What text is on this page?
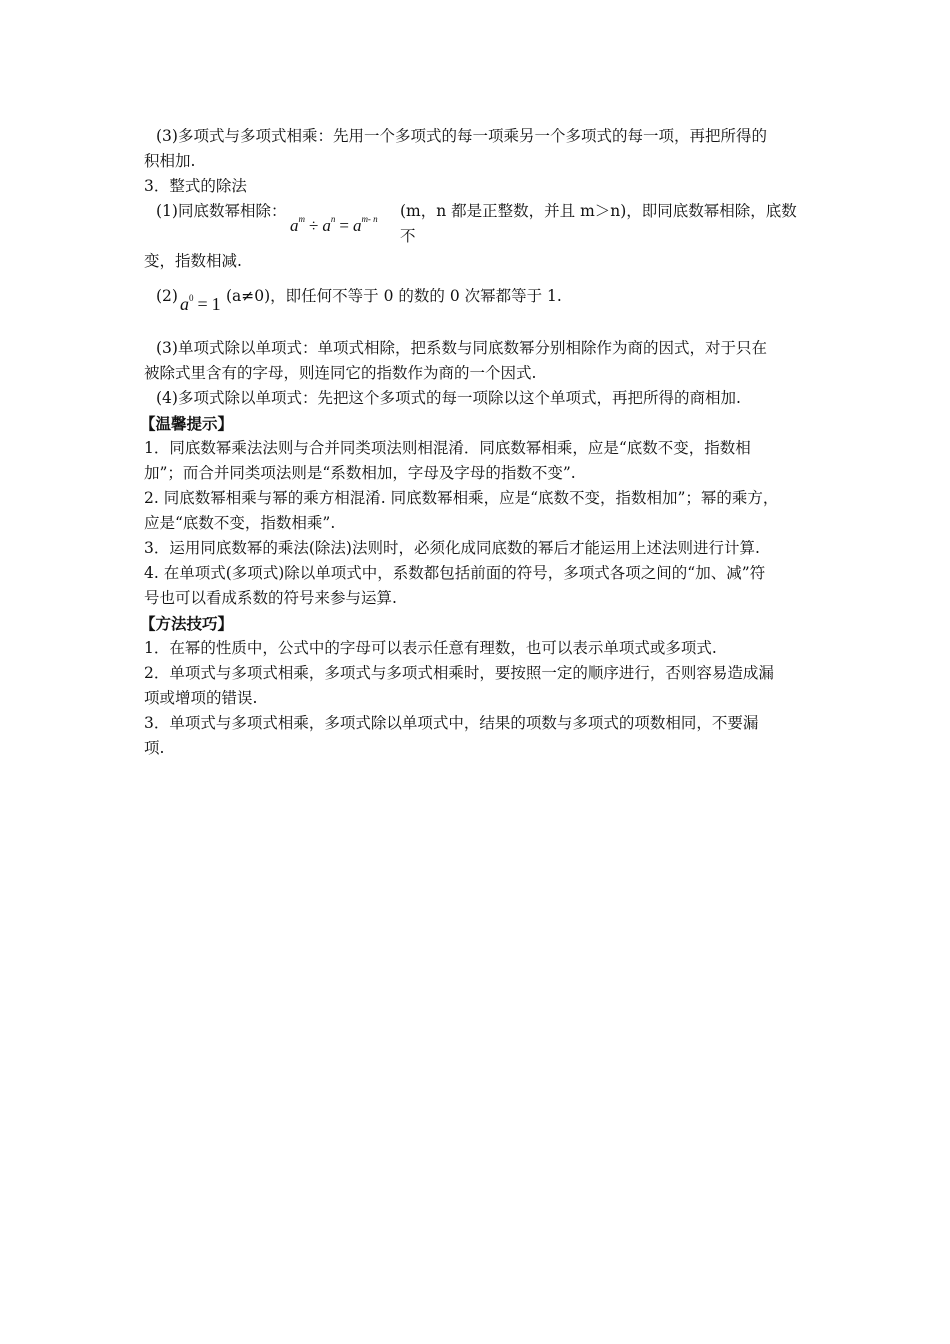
(3)多项式与多项式相乘：先用一个多项式的每一项乘另一个多项式的每一项，再把所得的
积相加.
3．整式的除法
(1)同底数幂相除：
$a^m \div a^n = a^{m- n}$ (m，n 都是正整数，并且 m＞n)，即同底数幂相除，底数不
变，指数相减.
(2) $a^0 = 1$ (a≠0)，即任何不等于 0 的数的 0 次幂都等于 1.
(3)单项式除以单项式：单项式相除，把系数与同底数幂分别相除作为商的因式，对于只在
被除式里含有的字母，则连同它的指数作为商的一个因式.
(4)多项式除以单项式：先把这个多项式的每一项除以这个单项式，再把所得的商相加.
【温馨提示】
1．同底数幂乘法法则与合并同类项法则相混淆．同底数幂相乘，应是“底数不变，指数相
加”；而合并同类项法则是“系数相加，字母及字母的指数不变”.
2. 同底数幂相乘与幂的乘方相混淆. 同底数幂相乘，应是“底数不变，指数相加”；幂的乘方，
应是“底数不变，指数相乘”.
3．运用同底数幂的乘法(除法)法则时，必须化成同底数的幂后才能运用上述法则进行计算.
4. 在单项式(多项式)除以单项式中，系数都包括前面的符号，多项式各项之间的“加、减”符
号也可以看成系数的符号来参与运算.
【方法技巧】
1．在幂的性质中，公式中的字母可以表示任意有理数，也可以表示单项式或多项式.
2．单项式与多项式相乘，多项式与多项式相乘时，要按照一定的顺序进行，否则容易造成漏
项或增项的错误.
3．单项式与多项式相乘，多项式除以单项式中，结果的项数与多项式的项数相同，不要漏
项.
